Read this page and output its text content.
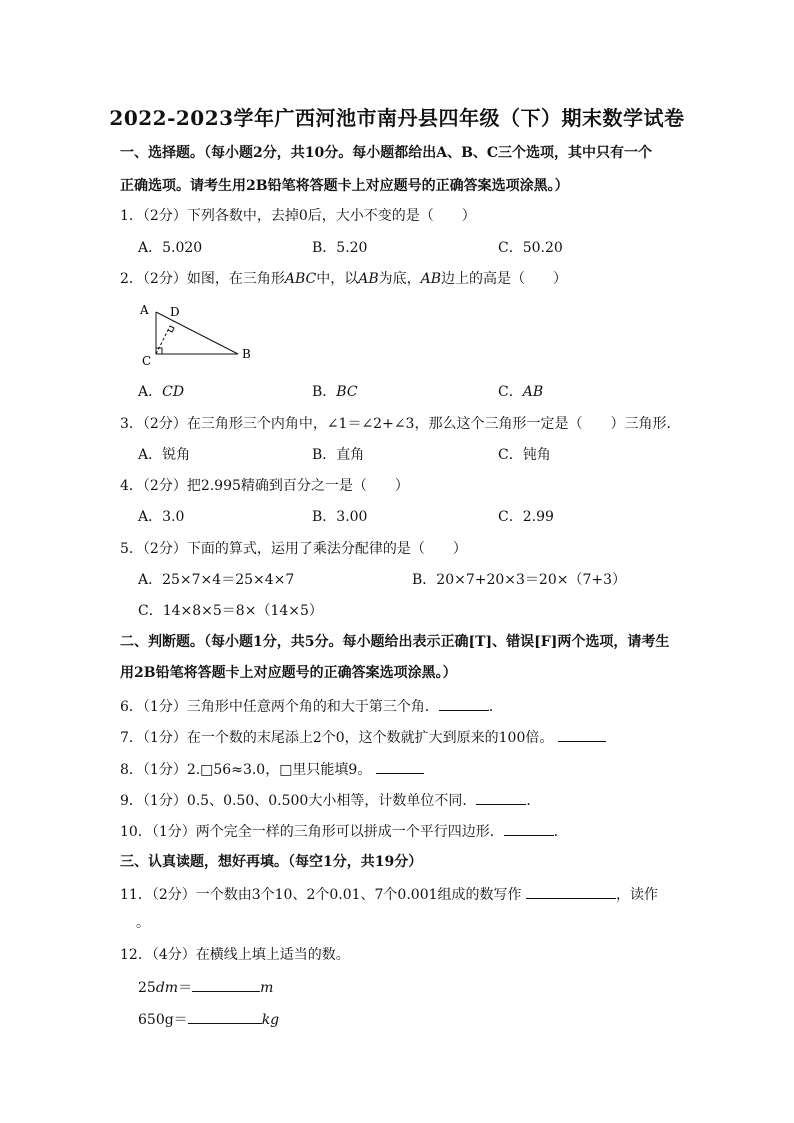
2022-2023学年广西河池市南丹县四年级（下）期末数学试卷
一、选择题。（每小题2分，共10分。每小题都给出A、B、C三个选项，其中只有一个
正确选项。请考生用2B铅笔将答题卡上对应题号的正确答案选项涂黑。）
1．（2分）下列各数中，去掉0后，大小不变的是（　　）
A．5.020	B．5.20	C．50.20
2．（2分）如图，在三角形ABC中，以AB为底，AB边上的高是（　　）
A D
C	B
A．CD	B．BC	C．AB
3．（2分）在三角形三个内角中，∠1＝∠2+∠3，那么这个三角形一定是（　　）三角形．
A．锐角	B．直角	C．钝角
4．（2分）把2.995精确到百分之一是（　　）
A．3.0	B．3.00	C．2.99
5．（2分）下面的算式，运用了乘法分配律的是（　　）
A．25×7×4＝25×4×7	B．20×7+20×3＝20×（7+3）
C．14×8×5＝8×（14×5）
二、判断题。（每小题1分，共5分。每小题给出表示正确[T]、错误[F]两个选项，请考生
用2B铅笔将答题卡上对应题号的正确答案选项涂黑。）
6．（1分）三角形中任意两个角的和大于第三个角．	．
7．（1分）在一个数的末尾添上2个0，这个数就扩大到原来的100倍。
8．（1分）2.□56≈3.0，□里只能填9。
9．（1分）0.5、0.50、0.500大小相等，计数单位不同．	．
10．（1分）两个完全一样的三角形可以拼成一个平行四边形．	．
三、认真读题，想好再填。（每空1分，共19分）
11．（2分）一个数由3个10、2个0.01、7个0.001组成的数写作	，读作
。
12．（4分）在横线上填上适当的数。
25dm＝	m
650g＝	kg
